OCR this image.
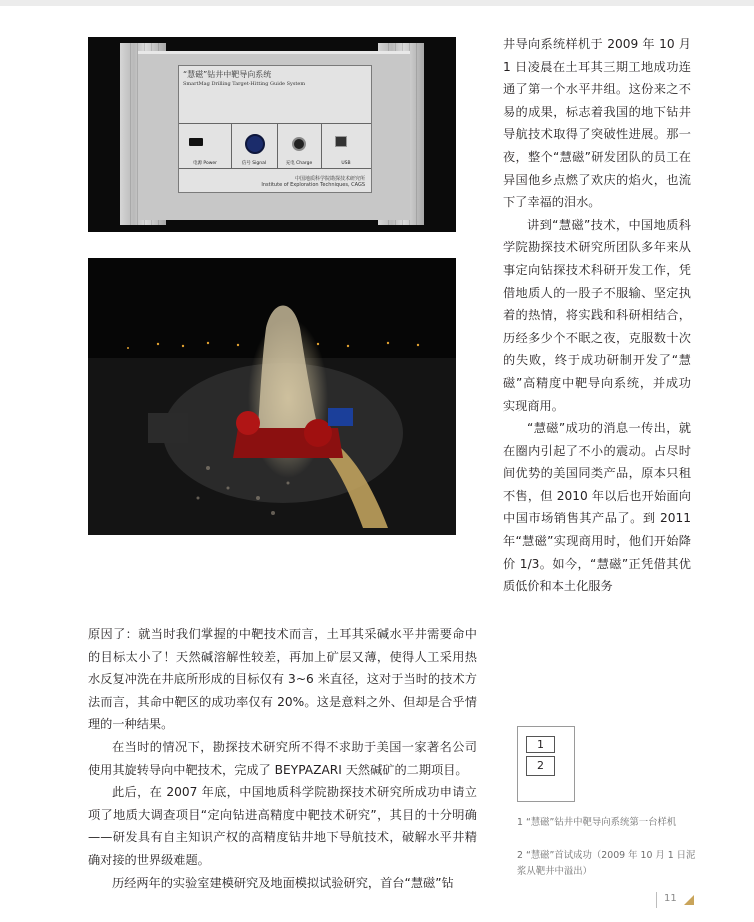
“慧磁”钻井中靶导向系统
SmartMag Drilling Target-Hitting Guide System
电源 Power	信号 Signal	充电 Charge	USB
中国地质科学院勘探技术研究所
Institute of Exploration Techniques, CAGS

井导向系统样机于 2009 年 10 月 1 日凌晨在土耳其三期工地成功连通了第一个水平井组。这份来之不易的成果，标志着我国的地下钻井导航技术取得了突破性进展。那一夜，整个“慧磁”研发团队的员工在异国他乡点燃了欢庆的焰火，也流下了幸福的泪水。

讲到“慧磁”技术，中国地质科学院勘探技术研究所团队多年来从事定向钻探技术科研开发工作，凭借地质人的一股子不服输、坚定执着的热情，将实践和科研相结合，历经多少个不眠之夜，克服数十次的失败，终于成功研制开发了“慧磁”高精度中靶导向系统，并成功实现商用。

“慧磁”成功的消息一传出，就在圈内引起了不小的震动。占尽时间优势的美国同类产品，原本只租不售，但 2010 年以后也开始面向中国市场销售其产品了。到 2011 年“慧磁”实现商用时，他们开始降价 1/3。如今，“慧磁”正凭借其优质低价和本土化服务

原因了：就当时我们掌握的中靶技术而言，土耳其采碱水平井需要命中的目标太小了！天然碱溶解性较差，再加上矿层又薄，使得人工采用热水反复冲洗在井底所形成的目标仅有 3~6 米直径，这对于当时的技术方法而言，其命中靶区的成功率仅有 20%。这是意料之外、但却是合乎情理的一种结果。

在当时的情况下，勘探技术研究所不得不求助于美国一家著名公司使用其旋转导向中靶技术，完成了 BEYPAZARI 天然碱矿的二期项目。

此后，在 2007 年底，中国地质科学院勘探技术研究所成功申请立项了地质大调查项目“定向钻进高精度中靶技术研究”，其目的十分明确——研发具有自主知识产权的高精度钻井地下导航技术，破解水平井精确对接的世界级难题。

历经两年的实验室建模研究及地面模拟试验研究，首台“慧磁”钻

1
2
1 “慧磁”钻井中靶导向系统第一台样机
2 “慧磁”首试成功（2009 年 10 月 1 日泥浆从靶井中溢出）
11
